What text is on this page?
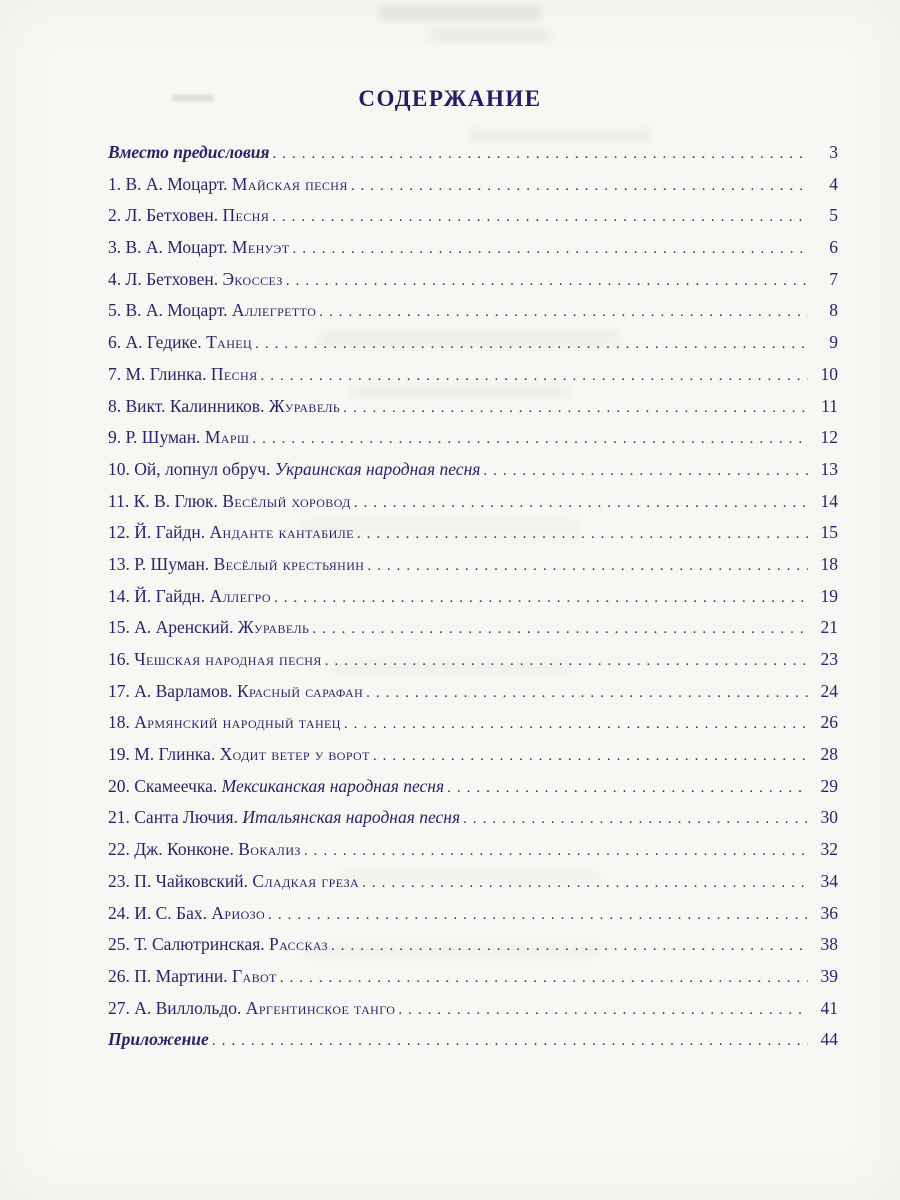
СОДЕРЖАНИЕ
Вместо предисловия .....	3
1. В. А. Моцарт. Майская песня .....	4
2. Л. Бетховен. Песня .....	5
3. В. А. Моцарт. Менуэт .....	6
4. Л. Бетховен. Экоссез .....	7
5. В. А. Моцарт. Аллегретто .....	8
6. А. Гедике. Танец .....	9
7. М. Глинка. Песня .....	10
8. Викт. Калинников. Журавель .....	11
9. Р. Шуман. Марш .....	12
10. Ой, лопнул обруч. Украинская народная песня .....	13
11. К. В. Глюк. Весёлый хоровод .....	14
12. Й. Гайдн. Анданте кантабиле .....	15
13. Р. Шуман. Весёлый крестьянин .....	18
14. Й. Гайдн. Аллегро .....	19
15. А. Аренский. Журавель .....	21
16. Чешская народная песня .....	23
17. А. Варламов. Красный сарафан .....	24
18. Армянский народный танец .....	26
19. М. Глинка. Ходит ветер у ворот .....	28
20. Скамеечка. Мексиканская народная песня .....	29
21. Санта Лючия. Итальянская народная песня .....	30
22. Дж. Конконе. Вокализ .....	32
23. П. Чайковский. Сладкая греза .....	34
24. И. С. Бах. Ариозо .....	36
25. Т. Салютринская. Рассказ .....	38
26. П. Мартини. Гавот .....	39
27. А. Виллольдо. Аргентинское танго .....	41
Приложение .....	44
